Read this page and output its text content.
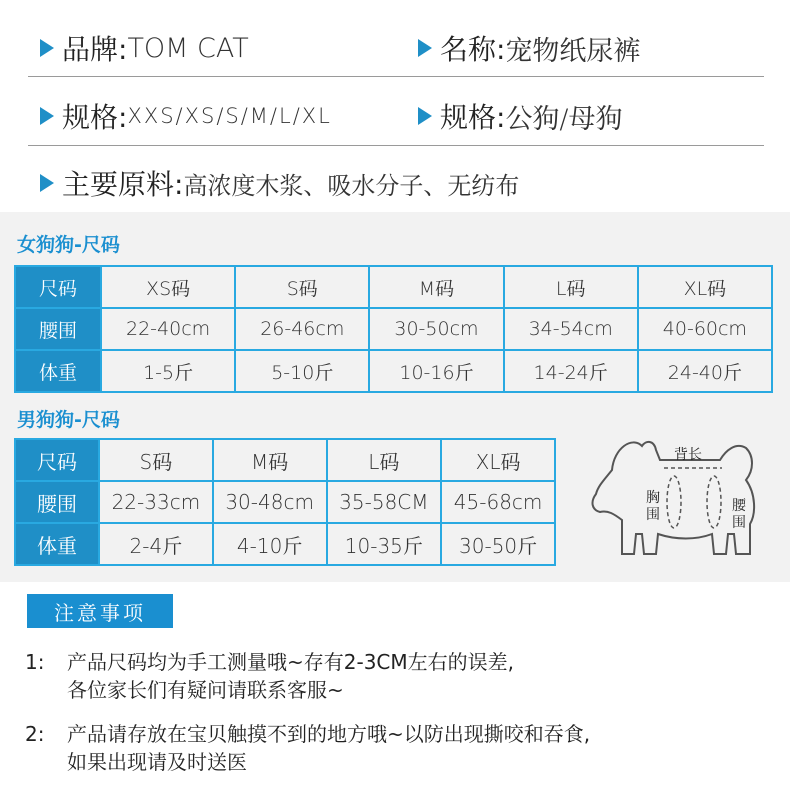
品牌: TOM CAT	名称: 宠物纸尿裤
规格: XXS/XS/S/M/L/XL	规格: 公狗/母狗
主要原料: 高浓度木浆、吸水分子、无纺布
女狗狗-尺码
尺码	XS码	S码	M码	L码	XL码
腰围	22-40cm	26-46cm	30-50cm	34-54cm	40-60cm
体重	1-5斤	5-10斤	10-16斤	14-24斤	24-40斤
男狗狗-尺码
尺码	S码	M码	L码	XL码
腰围	22-33cm	30-48cm	35-58CM	45-68cm
体重	2-4斤	4-10斤	10-35斤	30-50斤
背长
胸围
腰围
注意事项
1: 产品尺码均为手工测量哦~存有2-3CM左右的误差,
各位家长们有疑问请联系客服~
2: 产品请存放在宝贝触摸不到的地方哦~以防出现撕咬和吞食,
如果出现请及时送医
